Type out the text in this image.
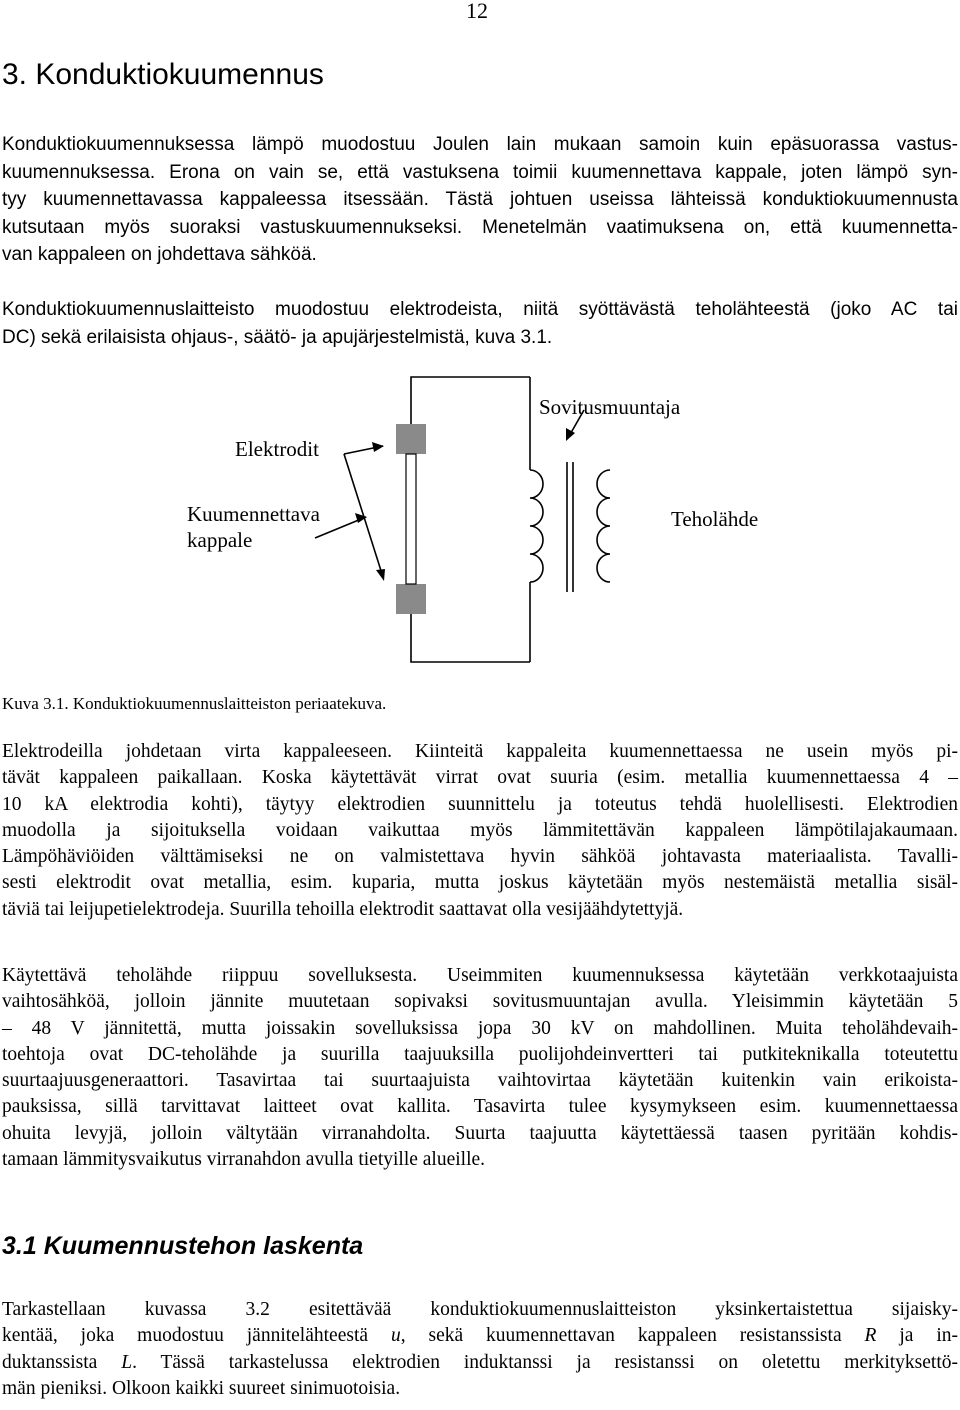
12
3. Konduktiokuumennus
Konduktiokuumennuksessa lämpö muodostuu Joulen lain mukaan samoin kuin epäsuorassa vastus-
kuumennuksessa. Erona on vain se, että vastuksena toimii kuumennettava kappale, joten lämpö syn-
tyy kuumennettavassa kappaleessa itsessään. Tästä johtuen useissa lähteissä konduktiokuumennusta
kutsutaan myös suoraksi vastuskuumennukseksi. Menetelmän vaatimuksena on, että kuumennetta-
van kappaleen on johdettava sähköä.
Konduktiokuumennuslaitteisto muodostuu elektrodeista, niitä syöttävästä teholähteestä (joko AC tai
DC) sekä erilaisista ohjaus-, säätö- ja apujärjestelmistä, kuva 3.1.
Sovitusmuuntaja
Elektrodit
Kuumennettava
kappale
Teholähde
Kuva 3.1. Konduktiokuumennuslaitteiston periaatekuva.
Elektrodeilla johdetaan virta kappaleeseen. Kiinteitä kappaleita kuumennettaessa ne usein myös pi-
tävät kappaleen paikallaan. Koska käytettävät virrat ovat suuria (esim. metallia kuumennettaessa 4 –
10 kA elektrodia kohti), täytyy elektrodien suunnittelu ja toteutus tehdä huolellisesti. Elektrodien
muodolla ja sijoituksella voidaan vaikuttaa myös lämmitettävän kappaleen lämpötilajakaumaan.
Lämpöhäviöiden välttämiseksi ne on valmistettava hyvin sähköä johtavasta materiaalista. Tavalli-
sesti elektrodit ovat metallia, esim. kuparia, mutta joskus käytetään myös nestemäistä metallia sisäl-
täviä tai leijupetielektrodeja. Suurilla tehoilla elektrodit saattavat olla vesijäähdytettyjä.
Käytettävä teholähde riippuu sovelluksesta. Useimmiten kuumennuksessa käytetään verkkotaajuista
vaihtosähköä, jolloin jännite muutetaan sopivaksi sovitusmuuntajan avulla. Yleisimmin käytetään 5
– 48 V jännitettä, mutta joissakin sovelluksissa jopa 30 kV on mahdollinen. Muita teholähdevaih-
toehtoja ovat DC-teholähde ja suurilla taajuuksilla puolijohdeinvertteri tai putkiteknikalla toteutettu
suurtaajuusgeneraattori. Tasavirtaa tai suurtaajuista vaihtovirtaa käytetään kuitenkin vain erikoista-
pauksissa, sillä tarvittavat laitteet ovat kallita. Tasavirta tulee kysymykseen esim. kuumennettaessa
ohuita levyjä, jolloin vältytään virranahdolta. Suurta taajuutta käytettäessä taasen pyritään kohdis-
tamaan lämmitysvaikutus virranahdon avulla tietyille alueille.
3.1 Kuumennustehon laskenta
Tarkastellaan kuvassa 3.2 esitettävää konduktiokuumennuslaitteiston yksinkertaistettua sijaisky-
kentää, joka muodostuu jännitelähteestä u, sekä kuumennettavan kappaleen resistanssista R ja in-
duktanssista L. Tässä tarkastelussa elektrodien induktanssi ja resistanssi on oletettu merkityksettö-
män pieniksi. Olkoon kaikki suureet sinimuotoisia.
